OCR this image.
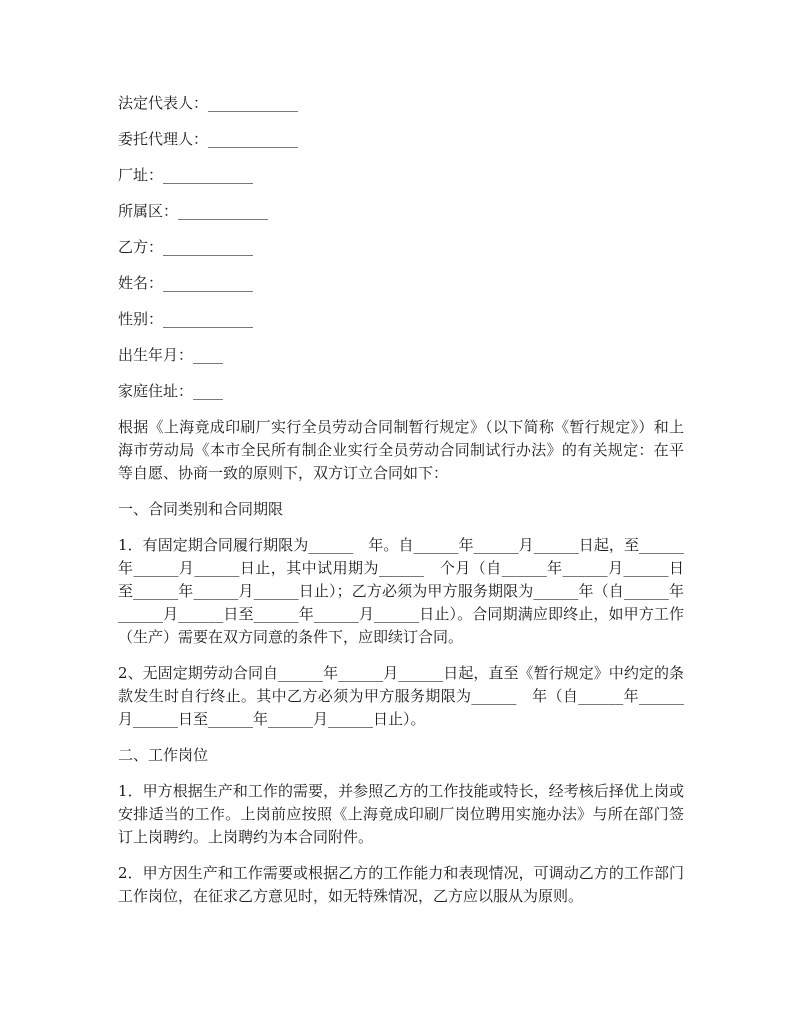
法定代表人：____________
委托代理人：____________
厂址：____________
所属区：____________
乙方：____________
姓名：____________
性别：____________
出生年月：____
家庭住址：____

根据《上海竟成印刷厂实行全员劳动合同制暂行规定》（以下简称《暂行规定》）和上海市劳动局《本市全民所有制企业实行全员劳动合同制试行办法》的有关规定：在平等自愿、协商一致的原则下，双方订立合同如下：

一、合同类别和合同期限

1．有固定期合同履行期限为______　年。自______年______月______日起，至______年______月______日止，其中试用期为______　个月（自______年______月______日至______年______月______日止）；乙方必须为甲方服务期限为______年（自______年______月______日至______年______月______日止）。合同期满应即终止，如甲方工作（生产）需要在双方同意的条件下，应即续订合同。

2、无固定期劳动合同自______年______月______日起，直至《暂行规定》中约定的条款发生时自行终止。其中乙方必须为甲方服务期限为______　年（自______年______月______日至______年______月______日止）。

二、工作岗位

1．甲方根据生产和工作的需要，并参照乙方的工作技能或特长，经考核后择优上岗或安排适当的工作。上岗前应按照《上海竟成印刷厂岗位聘用实施办法》与所在部门签订上岗聘约。上岗聘约为本合同附件。

2．甲方因生产和工作需要或根据乙方的工作能力和表现情况，可调动乙方的工作部门工作岗位，在征求乙方意见时，如无特殊情况，乙方应以服从为原则。
